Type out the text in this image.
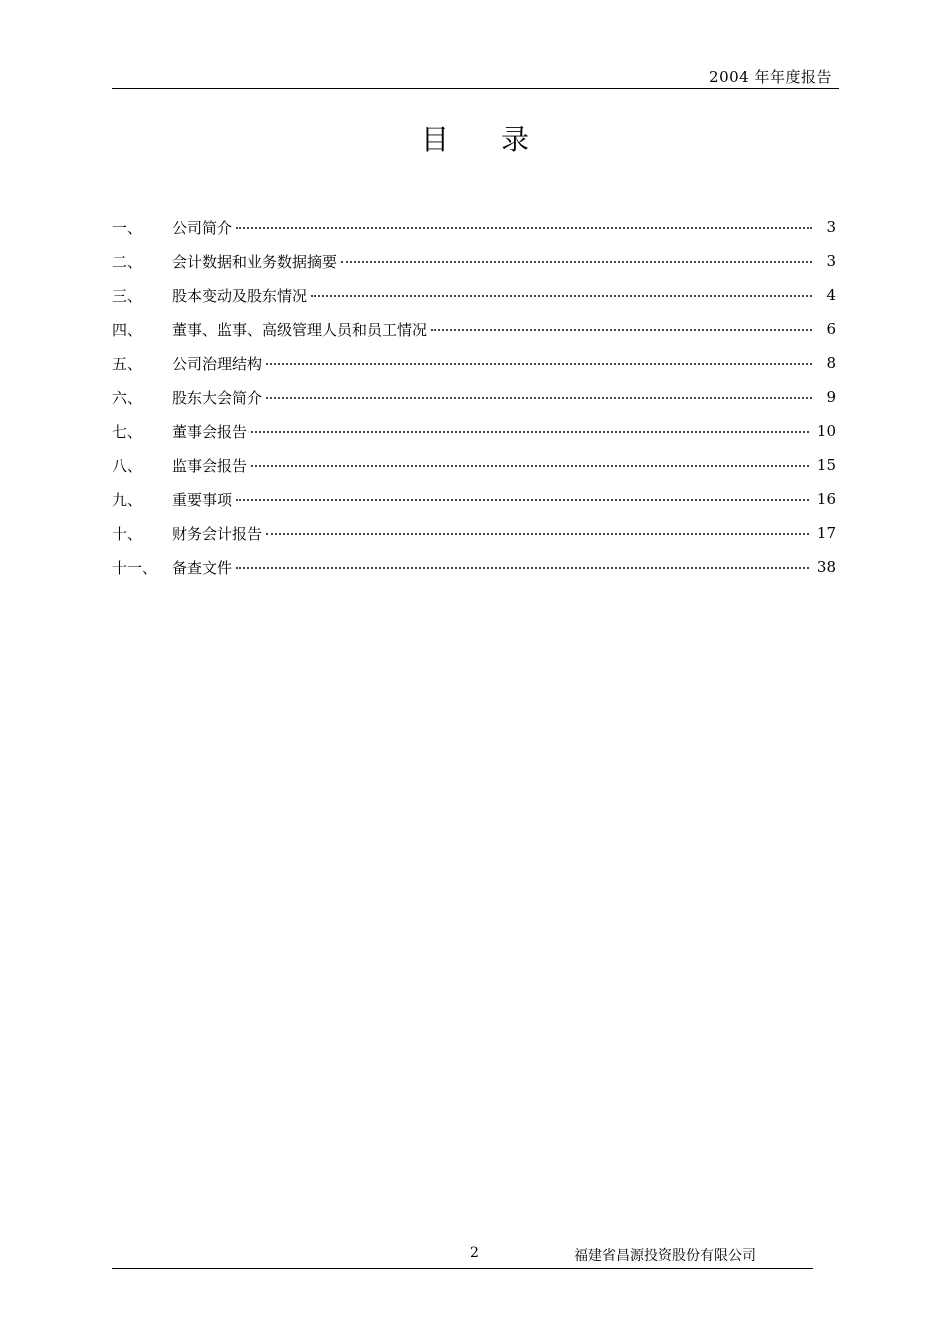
2004 年年度报告
目录
一、	公司简介	3
二、	会计数据和业务数据摘要	3
三、	股本变动及股东情况	4
四、	董事、监事、高级管理人员和员工情况	6
五、	公司治理结构	8
六、	股东大会简介	9
七、	董事会报告	10
八、	监事会报告	15
九、	重要事项	16
十、	财务会计报告	17
十一、 备查文件	38
2	福建省昌源投资股份有限公司
